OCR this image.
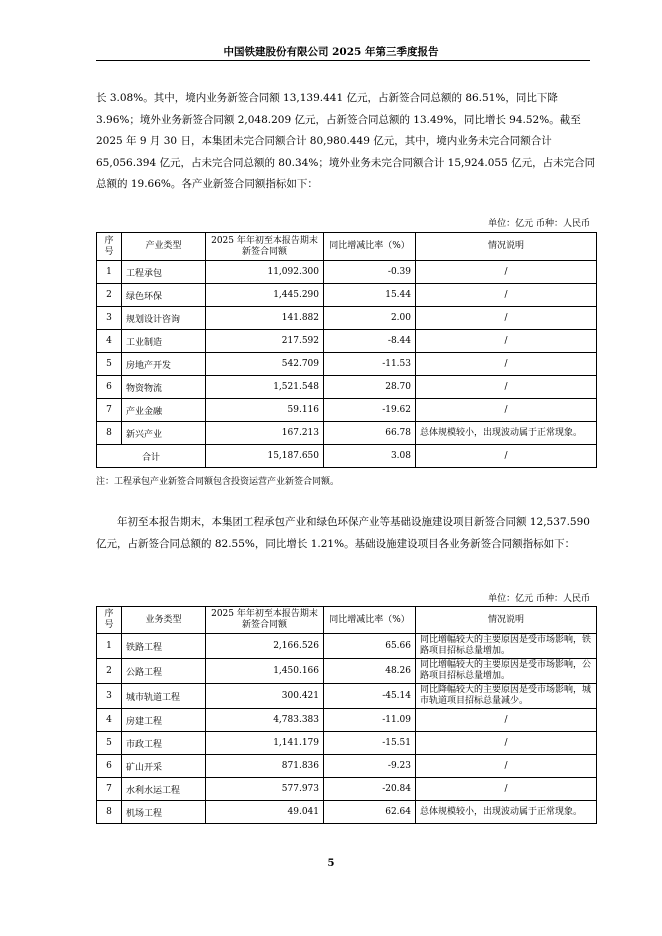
中国铁建股份有限公司 2025 年第三季度报告

长 3.08%。其中，境内业务新签合同额 13,139.441 亿元，占新签合同总额的 86.51%，同比下降 3.96%；境外业务新签合同额 2,048.209 亿元，占新签合同总额的 13.49%，同比增长 94.52%。截至 2025 年 9 月 30 日，本集团未完合同额合计 80,980.449 亿元，其中，境内业务未完合同额合计 65,056.394 亿元，占未完合同总额的 80.34%；境外业务未完合同额合计 15,924.055 亿元，占未完合同总额的 19.66%。各产业新签合同额指标如下：

单位：亿元 币种：人民币
序号	产业类型	2025 年年初至本报告期末新签合同额	同比增减比率（%）	情况说明
1	工程承包	11,092.300	-0.39	/
2	绿色环保	1,445.290	15.44	/
3	规划设计咨询	141.882	2.00	/
4	工业制造	217.592	-8.44	/
5	房地产开发	542.709	-11.53	/
6	物资物流	1,521.548	28.70	/
7	产业金融	59.116	-19.62	/
8	新兴产业	167.213	66.78	总体规模较小，出现波动属于正常现象。
合计		15,187.650	3.08	/
注：工程承包产业新签合同额包含投资运营产业新签合同额。

年初至本报告期末，本集团工程承包产业和绿色环保产业等基础设施建设项目新签合同额 12,537.590 亿元，占新签合同总额的 82.55%，同比增长 1.21%。基础设施建设项目各业务新签合同额指标如下：

单位：亿元 币种：人民币
序号	业务类型	2025 年年初至本报告期末新签合同额	同比增减比率（%）	情况说明
1	铁路工程	2,166.526	65.66	同比增幅较大的主要原因是受市场影响，铁路项目招标总量增加。
2	公路工程	1,450.166	48.26	同比增幅较大的主要原因是受市场影响，公路项目招标总量增加。
3	城市轨道工程	300.421	-45.14	同比降幅较大的主要原因是受市场影响，城市轨道项目招标总量减少。
4	房建工程	4,783.383	-11.09	/
5	市政工程	1,141.179	-15.51	/
6	矿山开采	871.836	-9.23	/
7	水利水运工程	577.973	-20.84	/
8	机场工程	49.041	62.64	总体规模较小，出现波动属于正常现象。
5
